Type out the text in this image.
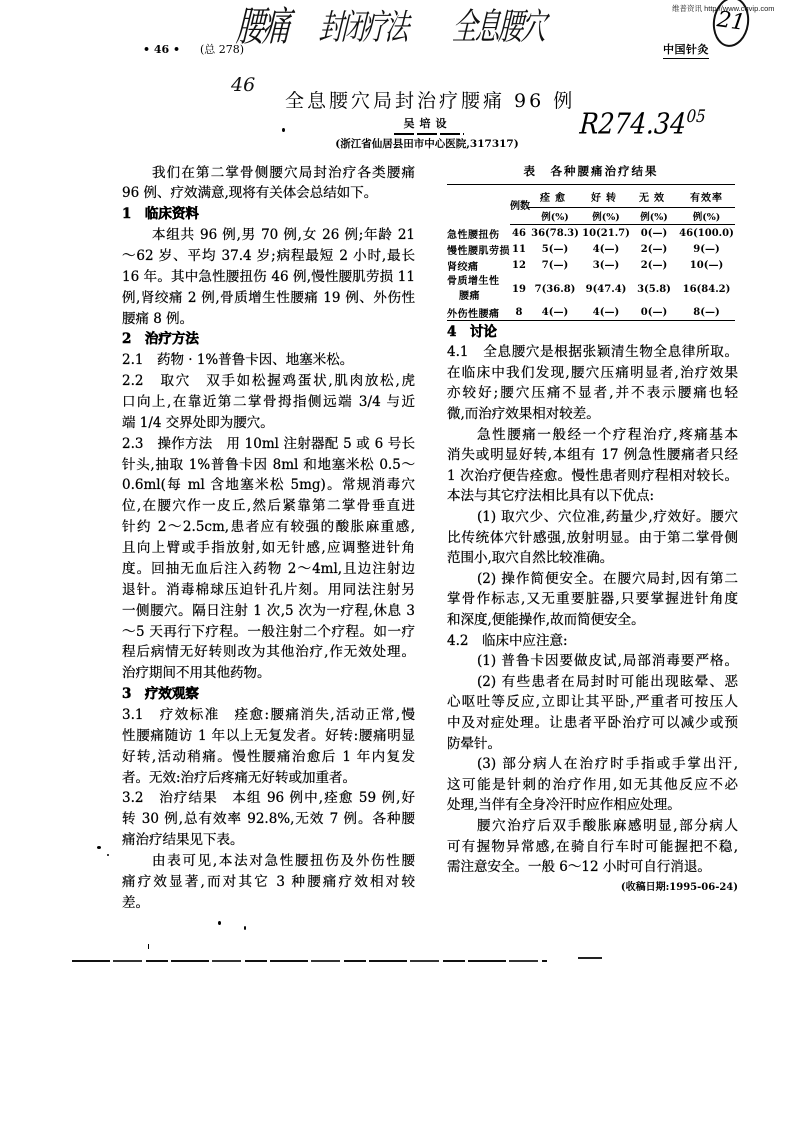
腰痛 封闭疗法 全息腰穴	21
维普资讯 http://www.cqvip.com
• 46 • (总 278)	中国针灸
46
全息腰穴局封治疗腰痛 96 例
R274.34$^{05}$
吴培设
(浙江省仙居县田市中心医院,317317)
我们在第二掌骨侧腰穴局封治疗各类腰痛
96 例、疗效满意,现将有关体会总结如下。
1　临床资料
本组共 96 例,男 70 例,女 26 例;年龄 21
～62 岁、平均 37.4 岁;病程最短 2 小时,最长
16 年。其中急性腰扭伤 46 例,慢性腰肌劳损 11
例,肾绞痛 2 例,骨质增生性腰痛 19 例、外伤性
腰痛 8 例。
2　治疗方法
2.1　药物 · 1%普鲁卡因、地塞米松。
2.2　取穴　双手如松握鸡蛋状,肌肉放松,虎
口向上,在靠近第二掌骨拇指侧远端 3/4 与近
端 1/4 交界处即为腰穴。
2.3　操作方法　用 10ml 注射器配 5 或 6 号长
针头,抽取 1%普鲁卡因 8ml 和地塞米松 0.5～
0.6ml(每 ml 含地塞米松 5mg)。常规消毒穴
位,在腰穴作一皮丘,然后紧靠第二掌骨垂直进
针约 2～2.5cm,患者应有较强的酸胀麻重感,
且向上臂或手指放射,如无针感,应调整进针角
度。回抽无血后注入药物 2～4ml,且边注射边
退针。消毒棉球压迫针孔片刻。用同法注射另
一侧腰穴。隔日注射 1 次,5 次为一疗程,休息 3
～5 天再行下疗程。一般注射二个疗程。如一疗
程后病情无好转则改为其他治疗,作无效处理。
治疗期间不用其他药物。
3　疗效观察
3.1　疗效标准　痊愈:腰痛消失,活动正常,慢
性腰痛随访 1 年以上无复发者。好转:腰痛明显
好转,活动稍痛。慢性腰痛治愈后 1 年内复发
者。无效:治疗后疼痛无好转或加重者。
3.2　治疗结果　本组 96 例中,痊愈 59 例,好
转 30 例,总有效率 92.8%,无效 7 例。各种腰
痛治疗结果见下表。
由表可见,本法对急性腰扭伤及外伤性腰
痛疗效显著,而对其它 3 种腰痛疗效相对较
差。
表　各种腰痛治疗结果
	例数	痊愈	好转	无效	有效率
		例(%)	例(%)	例(%)	例(%)
急性腰扭伤	46	36(78.3)	10(21.7)	0(—)	46(100.0)
慢性腰肌劳损	11	5(—)	4(—)	2(—)	9(—)
肾绞痛	12	7(—)	3(—)	2(—)	10(—)
骨质增生性
腰痛	19	7(36.8)	9(47.4)	3(5.8)	16(84.2)
外伤性腰痛	8	4(—)	4(—)	0(—)	8(—)
4　讨论
4.1　全息腰穴是根据张颖清生物全息律所取。
在临床中我们发现,腰穴压痛明显者,治疗效果
亦较好;腰穴压痛不显者,并不表示腰痛也轻
微,而治疗效果相对较差。
急性腰痛一般经一个疗程治疗,疼痛基本
消失或明显好转,本组有 17 例急性腰痛者只经
1 次治疗便告痊愈。慢性患者则疗程相对较长。
本法与其它疗法相比具有以下优点:
(1) 取穴少、穴位准,药量少,疗效好。腰穴
比传统体穴针感强,放射明显。由于第二掌骨侧
范围小,取穴自然比较准确。
(2) 操作简便安全。在腰穴局封,因有第二
掌骨作标志,又无重要脏器,只要掌握进针角度
和深度,便能操作,故而简便安全。
4.2　临床中应注意:
(1) 普鲁卡因要做皮试,局部消毒要严格。
(2) 有些患者在局封时可能出现眩晕、恶
心呕吐等反应,立即让其平卧,严重者可按压人
中及对症处理。让患者平卧治疗可以减少或预
防晕针。
(3) 部分病人在治疗时手指或手掌出汗,
这可能是针刺的治疗作用,如无其他反应不必
处理,当伴有全身冷汗时应作相应处理。
腰穴治疗后双手酸胀麻感明显,部分病人
可有握物异常感,在骑自行车时可能握把不稳,
需注意安全。一般 6～12 小时可自行消退。
(收稿日期:1995-06-24)
